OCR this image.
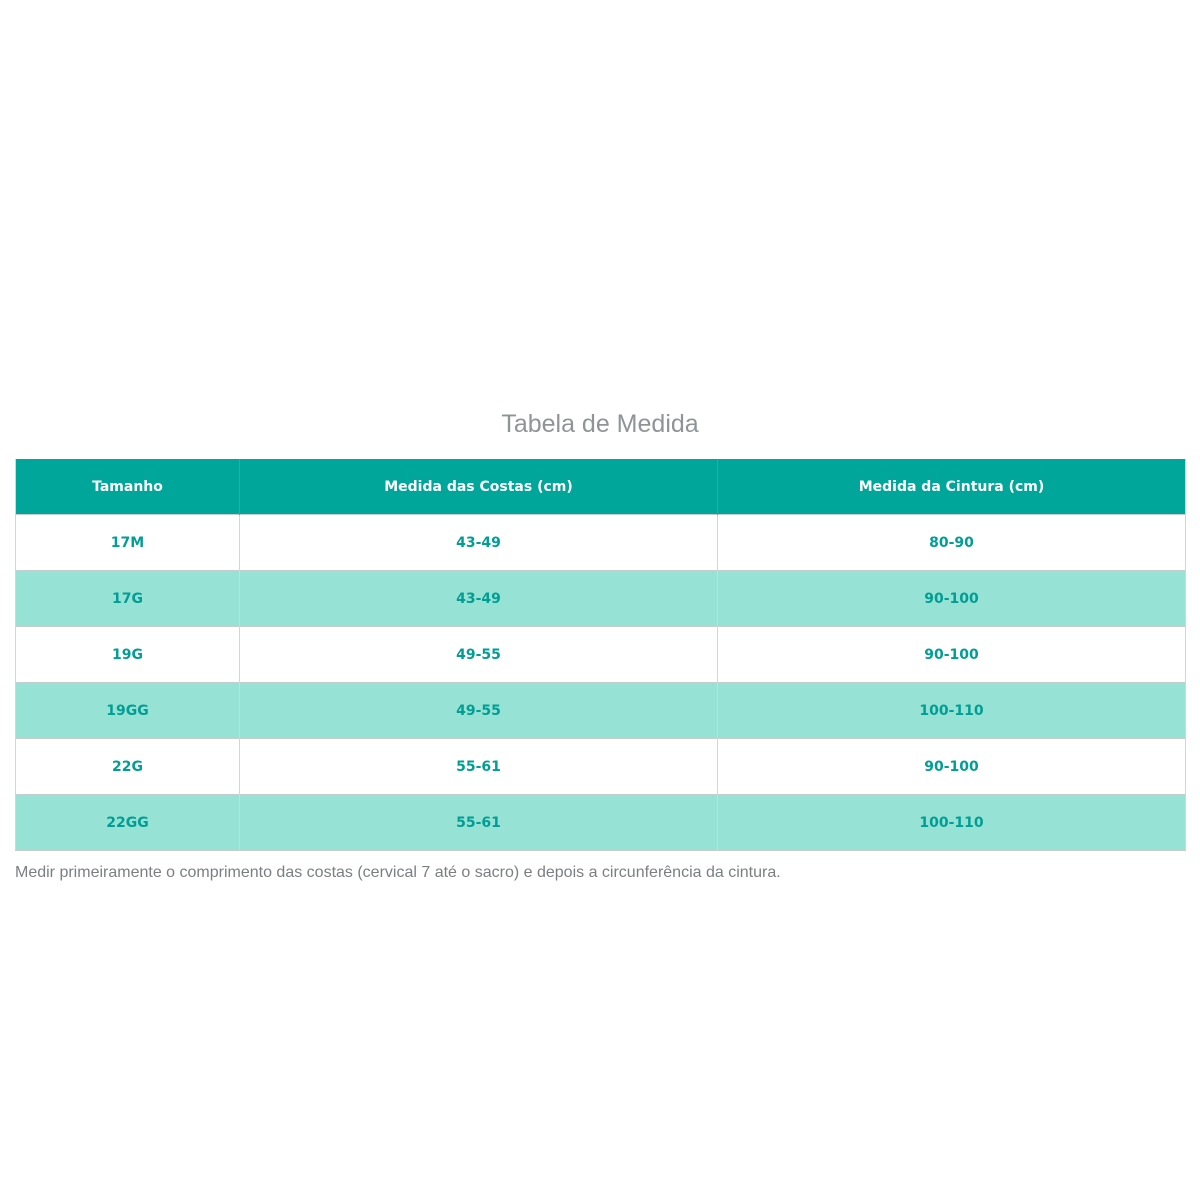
Tabela de Medida
Tamanho	Medida das Costas (cm)	Medida da Cintura (cm)
17M	43-49	80-90
17G	43-49	90-100
19G	49-55	90-100
19GG	49-55	100-110
22G	55-61	90-100
22GG	55-61	100-110
Medir primeiramente o comprimento das costas (cervical 7 até o sacro) e depois a circunferência da cintura.
